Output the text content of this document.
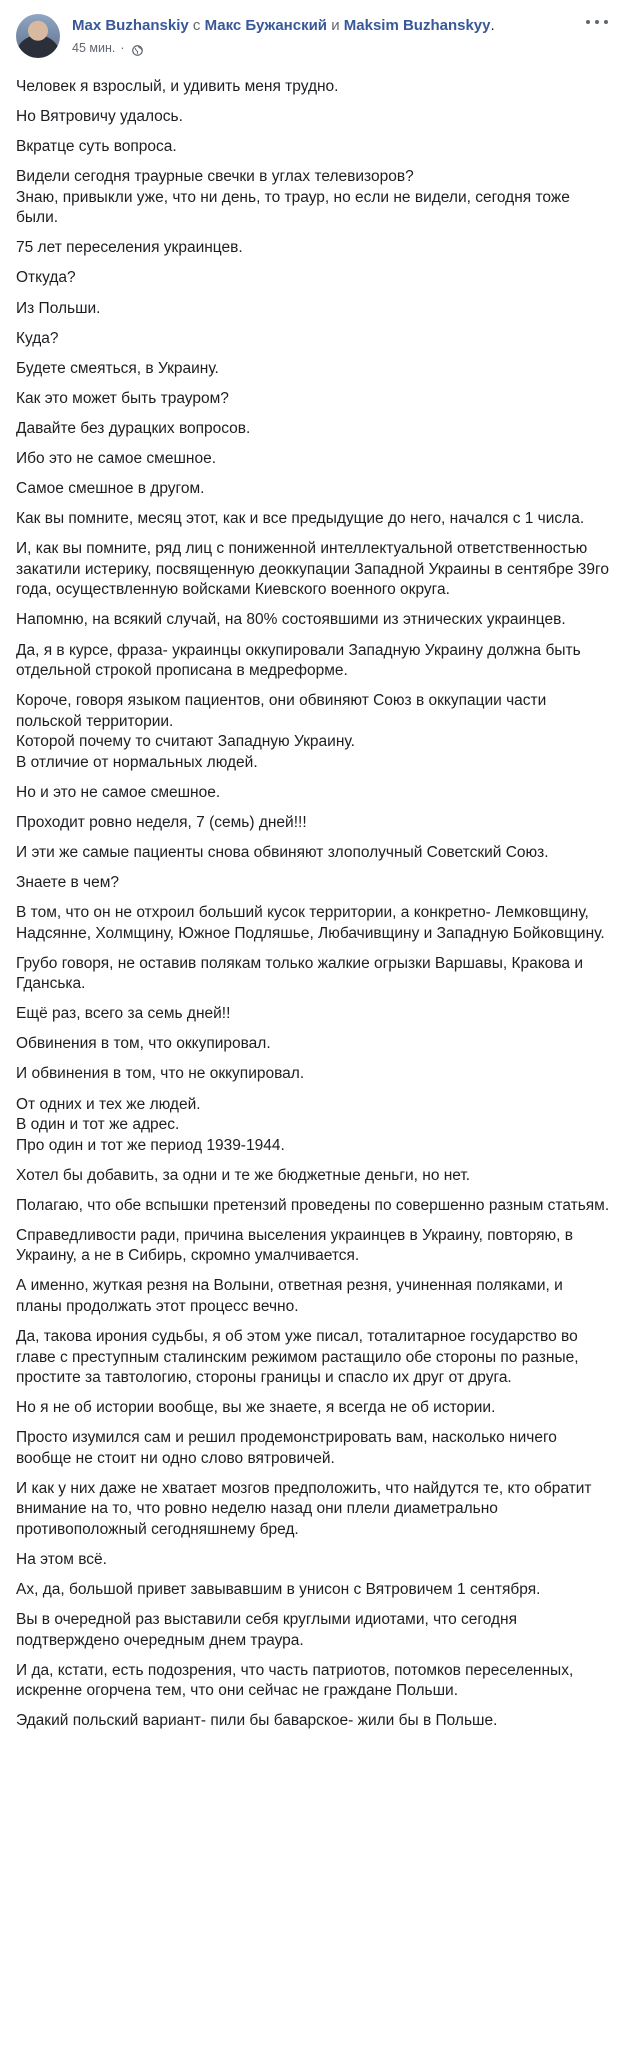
Max Buzhanskiy с Макс Бужанский и Maksim Buzhanskyy.
45 мин. ·

Человек я взрослый, и удивить меня трудно.

Но Вятровичу удалось.

Вкратце суть вопроса.

Видели сегодня траурные свечки в углах телевизоров?
Знаю, привыкли уже, что ни день, то траур, но если не видели, сегодня тоже были.

75 лет переселения украинцев.

Откуда?

Из Польши.

Куда?

Будете смеяться, в Украину.

Как это может быть трауром?

Давайте без дурацких вопросов.

Ибо это не самое смешное.

Самое смешное в другом.

Как вы помните, месяц этот, как и все предыдущие до него, начался с 1 числа.

И, как вы помните, ряд лиц с пониженной интеллектуальной ответственностью закатили истерику, посвященную деоккупации Западной Украины в сентябре 39го года, осуществленную войсками Киевского военного округа.

Напомню, на всякий случай, на 80% состоявшими из этнических украинцев.

Да, я в курсе, фраза- украинцы оккупировали Западную Украину должна быть отдельной строкой прописана в медреформе.

Короче, говоря языком пациентов, они обвиняют Союз в оккупации части польской территории.
Которой почему то считают Западную Украину.
В отличие от нормальных людей.

Но и это не самое смешное.

Проходит ровно неделя, 7 (семь) дней!!!

И эти же самые пациенты снова обвиняют злополучный Советский Союз.

Знаете в чем?

В том, что он не отхроил больший кусок территории, а конкретно- Лемковщину, Надсянне, Холмщину, Южное Подляшье, Любачивщину и Западную Бойковщину.

Грубо говоря, не оставив полякам только жалкие огрызки Варшавы, Кракова и Гданська.

Ещё раз, всего за семь дней!!

Обвинения в том, что оккупировал.

И обвинения в том, что не оккупировал.

От одних и тех же людей.
В один и тот же адрес.
Про один и тот же период 1939-1944.

Хотел бы добавить, за одни и те же бюджетные деньги, но нет.

Полагаю, что обе вспышки претензий проведены по совершенно разным статьям.

Справедливости ради, причина выселения украинцев в Украину, повторяю, в Украину, а не в Сибирь, скромно умалчивается.

А именно, жуткая резня на Волыни, ответная резня, учиненная поляками, и планы продолжать этот процесс вечно.

Да, такова ирония судьбы, я об этом уже писал, тоталитарное государство во главе с преступным сталинским режимом растащило обе стороны по разные, простите за тавтологию, стороны границы и спасло их друг от друга.

Но я не об истории вообще, вы же знаете, я всегда не об истории.

Просто изумился сам и решил продемонстрировать вам, насколько ничего вообще не стоит ни одно слово вятровичей.

И как у них даже не хватает мозгов предположить, что найдутся те, кто обратит внимание на то, что ровно неделю назад они плели диаметрально противоположный сегодняшнему бред.

На этом всё.

Ах, да, большой привет завывавшим в унисон с Вятровичем 1 сентября.

Вы в очередной раз выставили себя круглыми идиотами, что сегодня подтверждено очередным днем траура.

И да, кстати, есть подозрения, что часть патриотов, потомков переселенных, искренне огорчена тем, что они сейчас не граждане Польши.

Эдакий польский вариант- пили бы баварское- жили бы в Польше.
